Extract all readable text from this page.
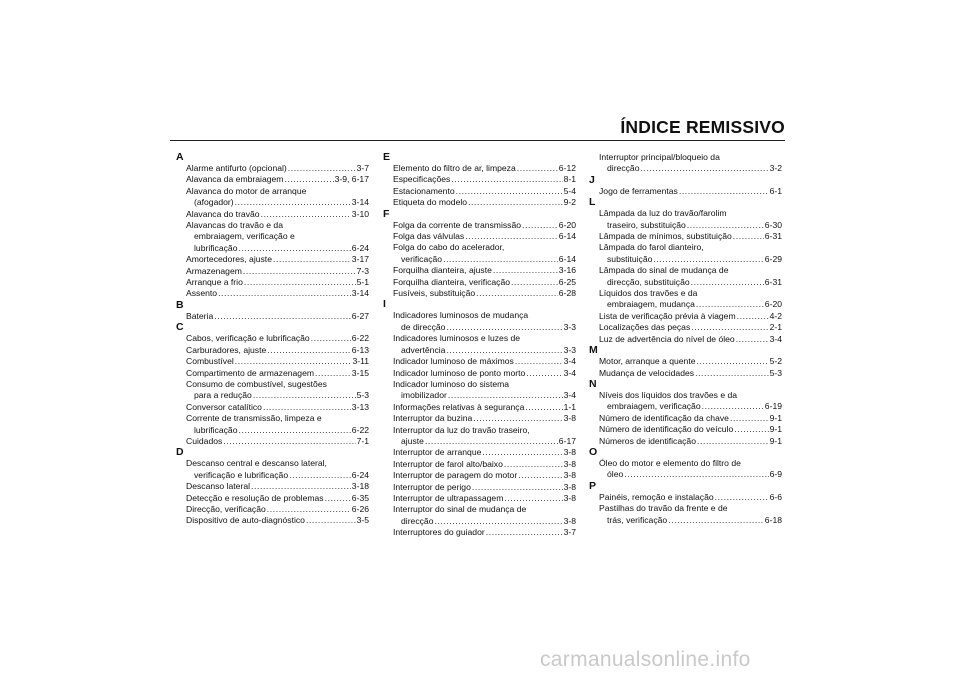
ÍNDICE REMISSIVO
A
Alarme antifurto (opcional) .....	3-7
Alavanca da embraiagem .....	3-9, 6-17
Alavanca do motor de arranque
(afogador) .....	3-14
Alavanca do travão .....	3-10
Alavancas do travão e da
embraiagem, verificação e
lubrificação .....	6-24
Amortecedores, ajuste .....	3-17
Armazenagem .....	7-3
Arranque a frio .....	5-1
Assento .....	3-14
B
Bateria .....	6-27
C
Cabos, verificação e lubrificação .....	6-22
Carburadores, ajuste .....	6-13
Combustível .....	3-11
Compartimento de armazenagem .....	3-15
Consumo de combustível, sugestões
para a redução .....	5-3
Conversor catalítico .....	3-13
Corrente de transmissão, limpeza e
lubrificação .....	6-22
Cuidados .....	7-1
D
Descanso central e descanso lateral,
verificação e lubrificação .....	6-24
Descanso lateral .....	3-18
Detecção e resolução de problemas .....	6-35
Direcção, verificação .....	6-26
Dispositivo de auto-diagnóstico .....	3-5
E
Elemento do filtro de ar, limpeza .....	6-12
Especificações .....	8-1
Estacionamento .....	5-4
Etiqueta do modelo .....	9-2
F
Folga da corrente de transmissão .....	6-20
Folga das válvulas .....	6-14
Folga do cabo do acelerador,
verificação .....	6-14
Forquilha dianteira, ajuste .....	3-16
Forquilha dianteira, verificação .....	6-25
Fusíveis, substituição .....	6-28
I
Indicadores luminosos de mudança
de direcção .....	3-3
Indicadores luminosos e luzes de
advertência .....	3-3
Indicador luminoso de máximos .....	3-4
Indicador luminoso de ponto morto .....	3-4
Indicador luminoso do sistema
imobilizador .....	3-4
Informações relativas à segurança .....	1-1
Interruptor da buzina .....	3-8
Interruptor da luz do travão traseiro,
ajuste .....	6-17
Interruptor de arranque .....	3-8
Interruptor de farol alto/baixo .....	3-8
Interruptor de paragem do motor .....	3-8
Interruptor de perigo .....	3-8
Interruptor de ultrapassagem .....	3-8
Interruptor do sinal de mudança de
direcção .....	3-8
Interruptores do guiador .....	3-7
Interruptor principal/bloqueio da
direcção .....	3-2
J
Jogo de ferramentas .....	6-1
L
Lâmpada da luz do travão/farolim
traseiro, substituição .....	6-30
Lâmpada de mínimos, substituição .....	6-31
Lâmpada do farol dianteiro,
substituição .....	6-29
Lâmpada do sinal de mudança de
direcção, substituição .....	6-31
Líquidos dos travões e da
embraiagem, mudança .....	6-20
Lista de verificação prévia à viagem .....	4-2
Localizações das peças .....	2-1
Luz de advertência do nível de óleo .....	3-4
M
Motor, arranque a quente .....	5-2
Mudança de velocidades .....	5-3
N
Níveis dos líquidos dos travões e da
embraiagem, verificação .....	6-19
Número de identificação da chave .....	9-1
Número de identificação do veículo .....	9-1
Números de identificação .....	9-1
O
Óleo do motor e elemento do filtro de
óleo .....	6-9
P
Painéis, remoção e instalação .....	6-6
Pastilhas do travão da frente e de
trás, verificação .....	6-18
carmanualsonline.info
